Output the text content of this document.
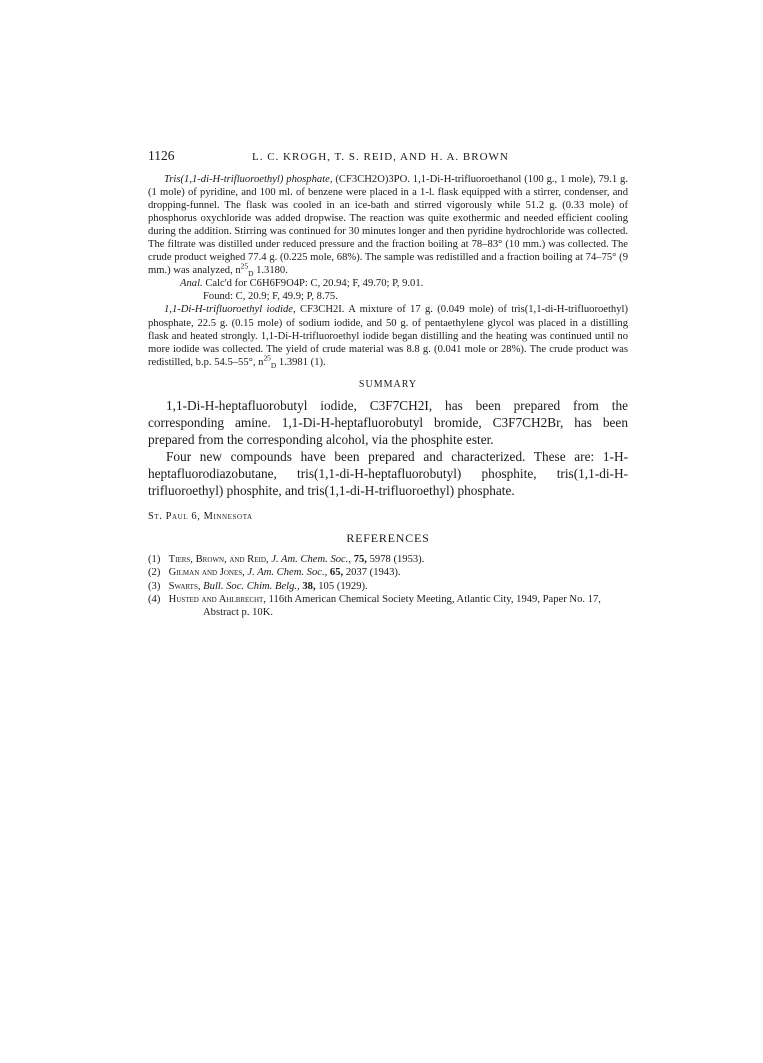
1126	L. C. KROGH, T. S. REID, AND H. A. BROWN

Tris(1,1-di-H-trifluoroethyl) phosphate, (CF3CH2O)3PO. 1,1-Di-H-trifluoroethanol (100 g., 1 mole), 79.1 g. (1 mole) of pyridine, and 100 ml. of benzene were placed in a 1-l. flask equipped with a stirrer, condenser, and dropping-funnel. The flask was cooled in an ice-bath and stirred vigorously while 51.2 g. (0.33 mole) of phosphorus oxychloride was added dropwise. The reaction was quite exothermic and needed efficient cooling during the addition. Stirring was continued for 30 minutes longer and then pyridine hydrochloride was collected. The filtrate was distilled under reduced pressure and the fraction boiling at 78–83° (10 mm.) was collected. The crude product weighed 77.4 g. (0.225 mole, 68%). The sample was redistilled and a fraction boiling at 74–75° (9 mm.) was analyzed, $n^{25}_D$ 1.3180.

Anal. Calc'd for C6H6F9O4P: C, 20.94; F, 49.70; P, 9.01.

Found: C, 20.9; F, 49.9; P, 8.75.

1,1-Di-H-trifluoroethyl iodide, CF3CH2I. A mixture of 17 g. (0.049 mole) of tris(1,1-di-H-trifluoroethyl) phosphate, 22.5 g. (0.15 mole) of sodium iodide, and 50 g. of pentaethylene glycol was placed in a distilling flask and heated strongly. 1,1-Di-H-trifluoroethyl iodide began distilling and the heating was continued until no more iodide was collected. The yield of crude material was 8.8 g. (0.041 mole or 28%). The crude product was redistilled, b.p. 54.5–55°, $n^{25}_D$ 1.3981 (1).

SUMMARY

1,1-Di-H-heptafluorobutyl iodide, C3F7CH2I, has been prepared from the corresponding amine. 1,1-Di-H-heptafluorobutyl bromide, C3F7CH2Br, has been prepared from the corresponding alcohol, via the phosphite ester.

Four new compounds have been prepared and characterized. These are: 1-H-heptafluorodiazobutane, tris(1,1-di-H-heptafluorobutyl) phosphite, tris(1,1-di-H-trifluoroethyl) phosphite, and tris(1,1-di-H-trifluoroethyl) phosphate.

St. Paul 6, Minnesota
REFERENCES

(1) Tiers, Brown, and Reid, J. Am. Chem. Soc., 75, 5978 (1953).

(2) Gilman and Jones, J. Am. Chem. Soc., 65, 2037 (1943).

(3) Swarts, Bull. Soc. Chim. Belg., 38, 105 (1929).

(4) Husted and Ahlbrecht, 116th American Chemical Society Meeting, Atlantic City, 1949, Paper No. 17, Abstract p. 10K.
